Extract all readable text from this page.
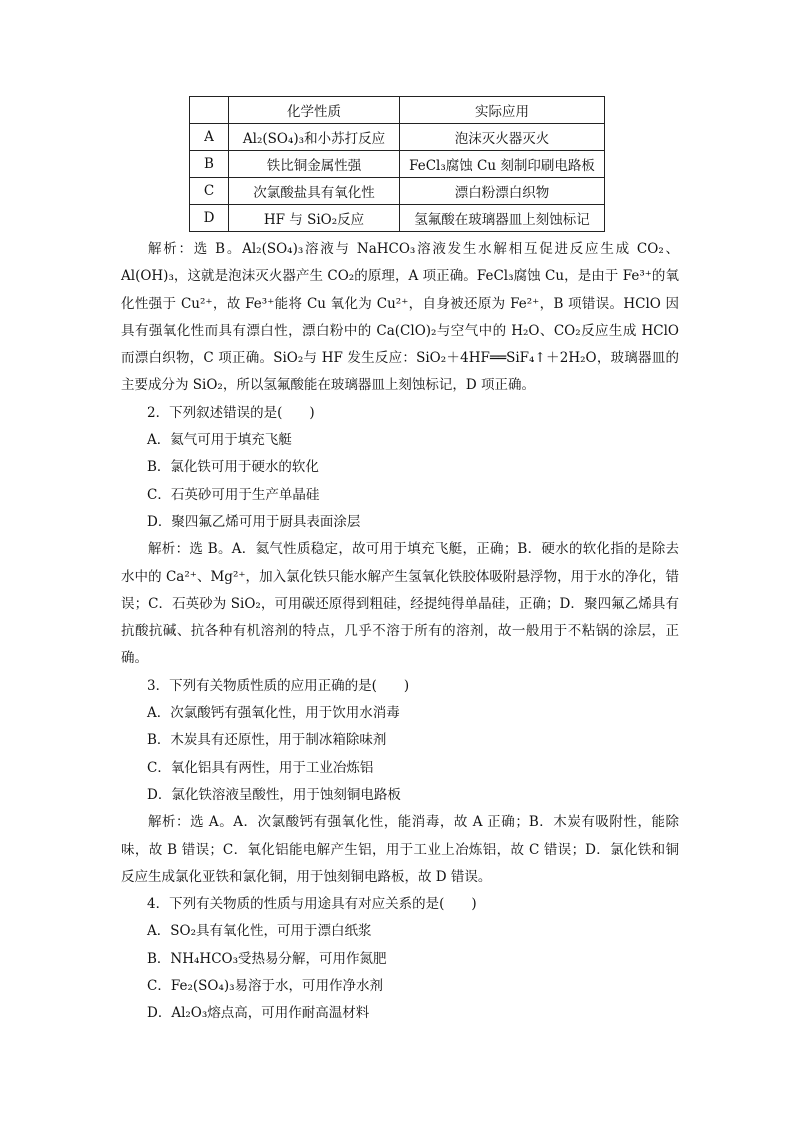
	化学性质	实际应用
A	Al₂(SO₄)₃和小苏打反应	泡沫灭火器灭火
B	铁比铜金属性强	FeCl₃腐蚀 Cu 刻制印刷电路板
C	次氯酸盐具有氧化性	漂白粉漂白织物
D	HF 与 SiO₂反应	氢氟酸在玻璃器皿上刻蚀标记

解析：选 B。Al₂(SO₄)₃溶液与 NaHCO₃溶液发生水解相互促进反应生成 CO₂、Al(OH)₃，这就是泡沫灭火器产生 CO₂的原理，A 项正确。FeCl₃腐蚀 Cu，是由于 Fe³⁺的氧化性强于 Cu²⁺，故 Fe³⁺能将 Cu 氧化为 Cu²⁺，自身被还原为 Fe²⁺，B 项错误。HClO 因具有强氧化性而具有漂白性，漂白粉中的 Ca(ClO)₂与空气中的 H₂O、CO₂反应生成 HClO 而漂白织物，C 项正确。SiO₂与 HF 发生反应：SiO₂＋4HF══SiF₄↑＋2H₂O，玻璃器皿的主要成分为 SiO₂，所以氢氟酸能在玻璃器皿上刻蚀标记，D 项正确。

2．下列叙述错误的是(　　)

A．氦气可用于填充飞艇

B．氯化铁可用于硬水的软化

C．石英砂可用于生产单晶硅

D．聚四氟乙烯可用于厨具表面涂层

解析：选 B。A．氦气性质稳定，故可用于填充飞艇，正确；B．硬水的软化指的是除去水中的 Ca²⁺、Mg²⁺，加入氯化铁只能水解产生氢氧化铁胶体吸附悬浮物，用于水的净化，错误；C．石英砂为 SiO₂，可用碳还原得到粗硅，经提纯得单晶硅，正确；D．聚四氟乙烯具有抗酸抗碱、抗各种有机溶剂的特点，几乎不溶于所有的溶剂，故一般用于不粘锅的涂层，正确。

3．下列有关物质性质的应用正确的是(　　)

A．次氯酸钙有强氧化性，用于饮用水消毒

B．木炭具有还原性，用于制冰箱除味剂

C．氧化铝具有两性，用于工业冶炼铝

D．氯化铁溶液呈酸性，用于蚀刻铜电路板

解析：选 A。A．次氯酸钙有强氧化性，能消毒，故 A 正确；B．木炭有吸附性，能除味，故 B 错误；C．氧化铝能电解产生铝，用于工业上冶炼铝，故 C 错误；D．氯化铁和铜反应生成氯化亚铁和氯化铜，用于蚀刻铜电路板，故 D 错误。

4．下列有关物质的性质与用途具有对应关系的是(　　)

A．SO₂具有氧化性，可用于漂白纸浆

B．NH₄HCO₃受热易分解，可用作氮肥

C．Fe₂(SO₄)₃易溶于水，可用作净水剂

D．Al₂O₃熔点高，可用作耐高温材料
